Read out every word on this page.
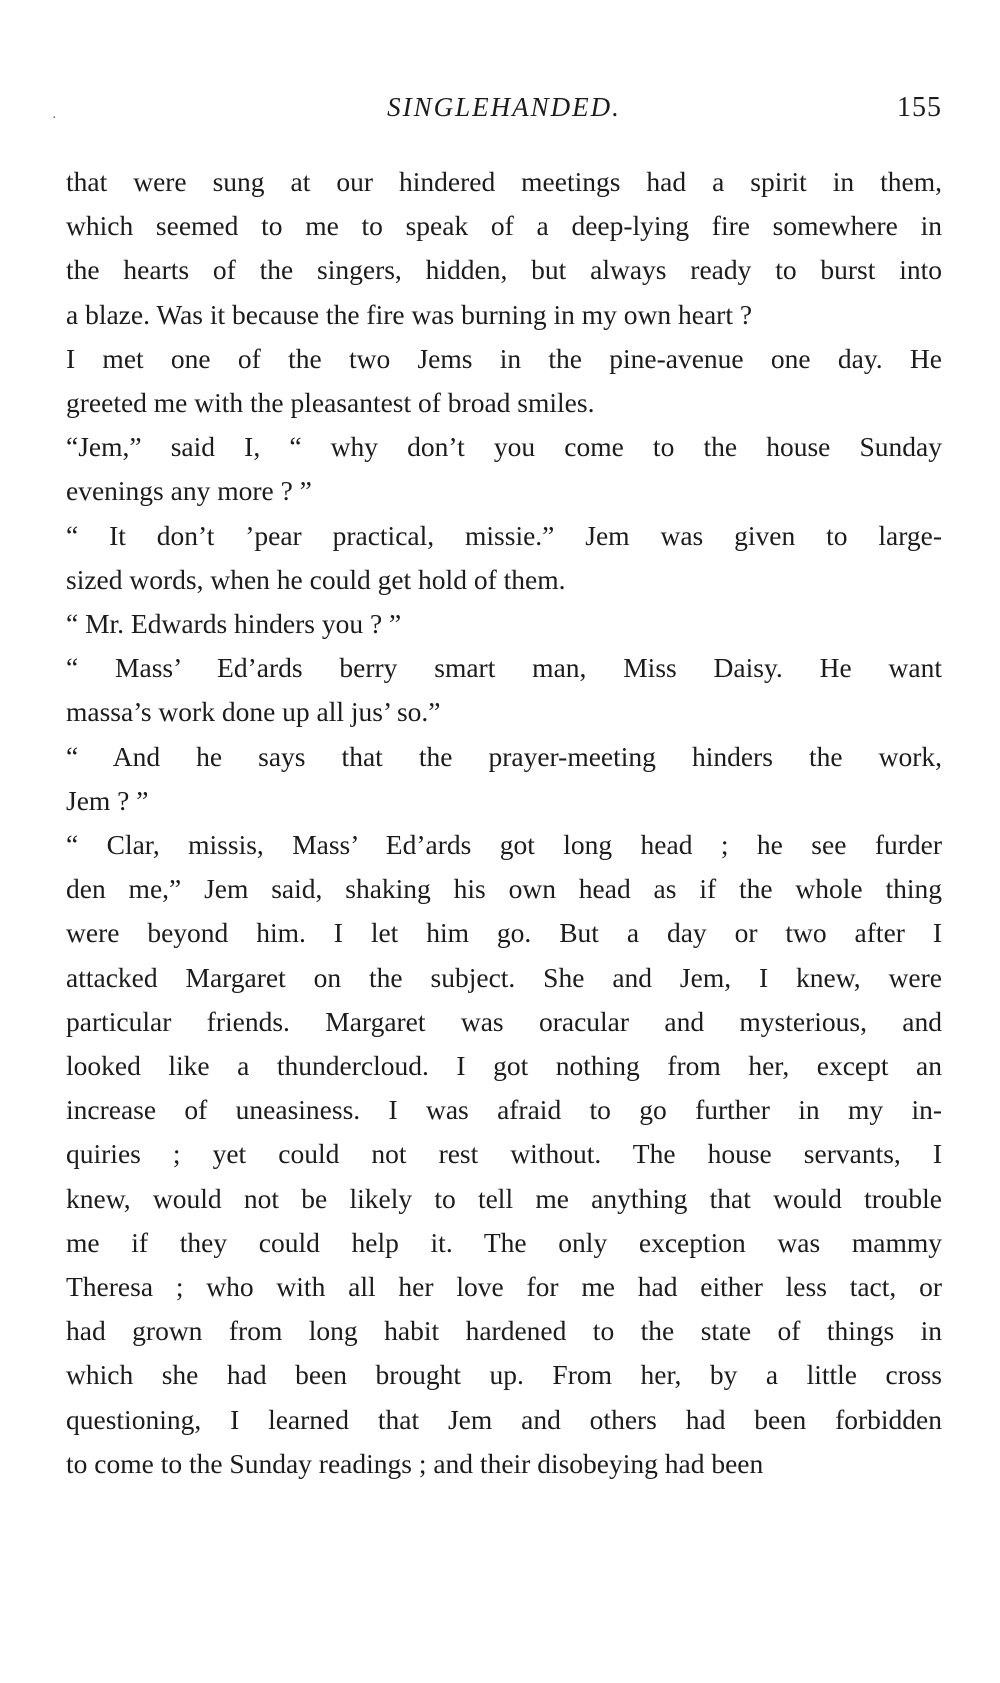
·	SINGLEHANDED.	155

that were sung at our hindered meetings had a spirit in them,
which seemed to me to speak of a deep-lying fire somewhere in
the hearts of the singers, hidden, but always ready to burst into
a blaze. Was it because the fire was burning in my own heart ?

I met one of the two Jems in the pine-avenue one day. He
greeted me with the pleasantest of broad smiles.

“Jem,” said I, “ why don’t you come to the house Sunday
evenings any more ? ”

“ It don’t ’pear practical, missie.” Jem was given to large-
sized words, when he could get hold of them.

“ Mr. Edwards hinders you ? ”

“ Mass’ Ed’ards berry smart man, Miss Daisy. He want
massa’s work done up all jus’ so.”

“ And he says that the prayer-meeting hinders the work,
Jem ? ”

“ Clar, missis, Mass’ Ed’ards got long head ; he see furder
den me,” Jem said, shaking his own head as if the whole thing
were beyond him. I let him go. But a day or two after I
attacked Margaret on the subject. She and Jem, I knew, were
particular friends. Margaret was oracular and mysterious, and
looked like a thundercloud. I got nothing from her, except an
increase of uneasiness. I was afraid to go further in my in-
quiries ; yet could not rest without. The house servants, I
knew, would not be likely to tell me anything that would trouble
me if they could help it. The only exception was mammy
Theresa ; who with all her love for me had either less tact, or
had grown from long habit hardened to the state of things in
which she had been brought up. From her, by a little cross
questioning, I learned that Jem and others had been forbidden
to come to the Sunday readings ; and their disobeying had been
